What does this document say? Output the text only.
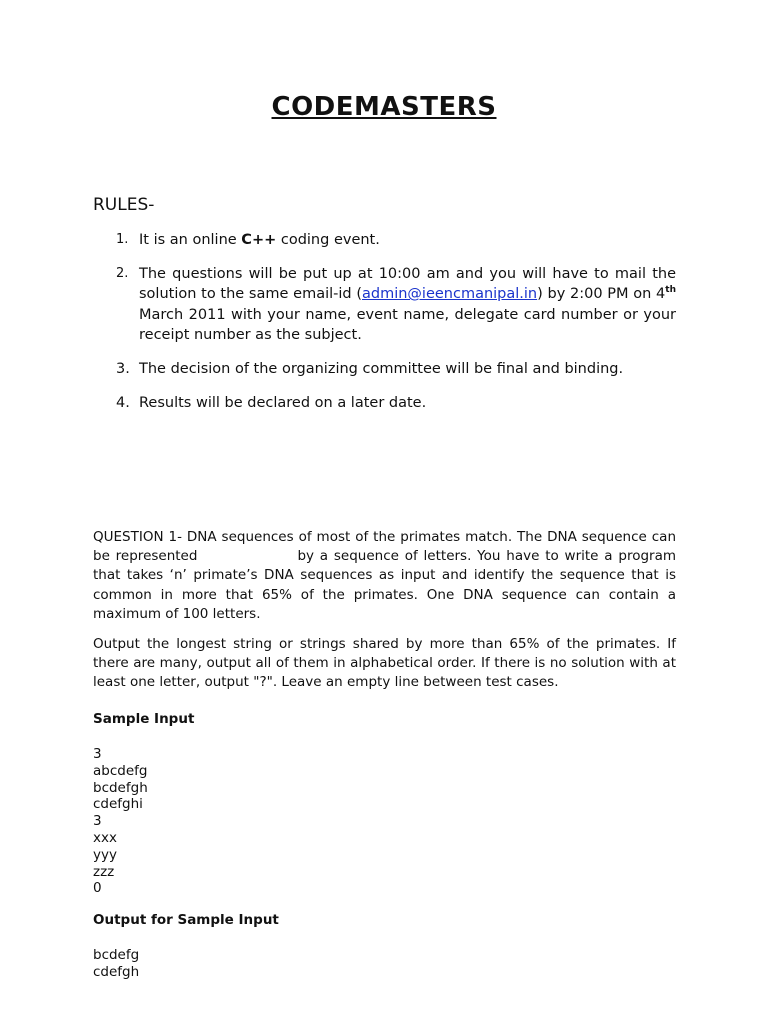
CODEMASTERS
RULES-
1. It is an online C++ coding event.
2. The questions will be put up at 10:00 am and you will have to mail the solution to the same email-id (admin@ieencmanipal.in) by 2:00 PM on 4th March 2011 with your name, event name, delegate card number or your receipt number as the subject.
3. The decision of the organizing committee will be final and binding.
4. Results will be declared on a later date.

QUESTION 1- DNA sequences of most of the primates match. The DNA sequence can be represented	by a sequence of letters. You have to write a program that takes ‘n’ primate’s DNA sequences as input and identify the sequence that is common in more that 65% of the primates. One DNA sequence can contain a maximum of 100 letters.

Output the longest string or strings shared by more than 65% of the primates. If there are many, output all of them in alphabetical order. If there is no solution with at least one letter, output "?". Leave an empty line between test cases.

Sample Input

3
abcdefg
bcdefgh
cdefghi
3
xxx
yyy
zzz
0

Output for Sample Input

bcdefg
cdefgh
